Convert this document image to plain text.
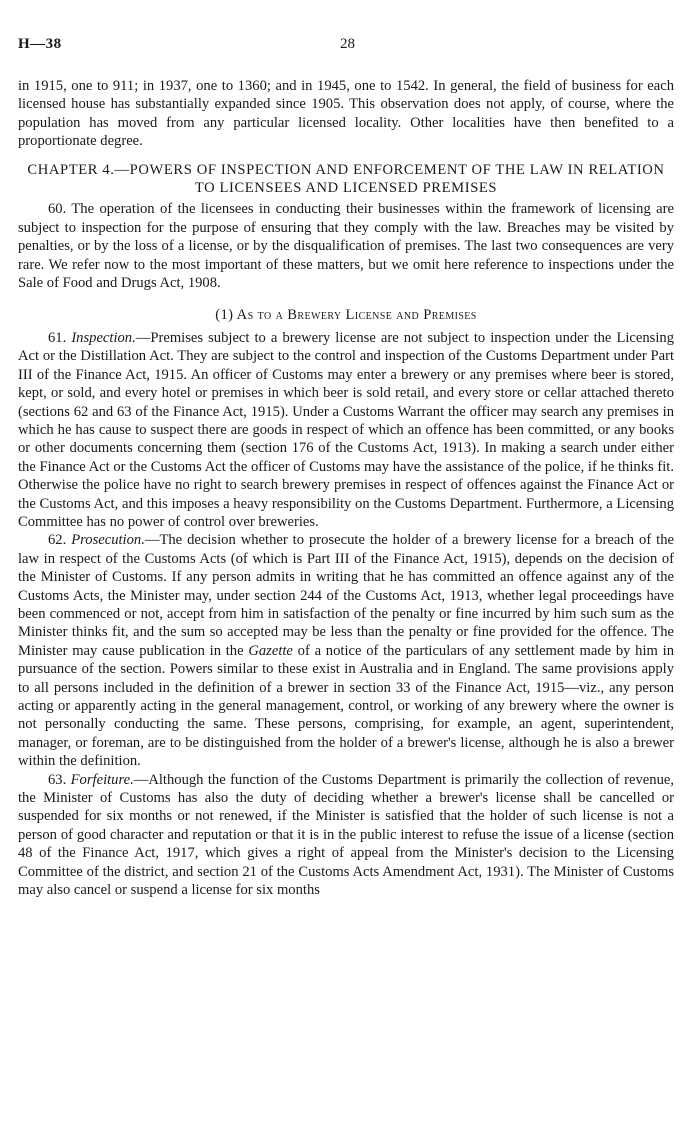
H—38	28

in 1915, one to 911; in 1937, one to 1360; and in 1945, one to 1542. In general, the field of business for each licensed house has substantially expanded since 1905. This observation does not apply, of course, where the population has moved from any particular licensed locality. Other localities have then benefited to a proportionate degree.

CHAPTER 4.—POWERS OF INSPECTION AND ENFORCEMENT OF THE LAW IN RELATION TO LICENSEES AND LICENSED PREMISES

60. The operation of the licensees in conducting their businesses within the framework of licensing are subject to inspection for the purpose of ensuring that they comply with the law. Breaches may be visited by penalties, or by the loss of a license, or by the disqualification of premises. The last two consequences are very rare. We refer now to the most important of these matters, but we omit here reference to inspections under the Sale of Food and Drugs Act, 1908.

(1) As to a Brewery License and Premises

61. Inspection.—Premises subject to a brewery license are not subject to inspection under the Licensing Act or the Distillation Act. They are subject to the control and inspection of the Customs Department under Part III of the Finance Act, 1915. An officer of Customs may enter a brewery or any premises where beer is stored, kept, or sold, and every hotel or premises in which beer is sold retail, and every store or cellar attached thereto (sections 62 and 63 of the Finance Act, 1915). Under a Customs Warrant the officer may search any premises in which he has cause to suspect there are goods in respect of which an offence has been committed, or any books or other documents concerning them (section 176 of the Customs Act, 1913). In making a search under either the Finance Act or the Customs Act the officer of Customs may have the assistance of the police, if he thinks fit. Otherwise the police have no right to search brewery premises in respect of offences against the Finance Act or the Customs Act, and this imposes a heavy responsibility on the Customs Department. Furthermore, a Licensing Committee has no power of control over breweries.

62. Prosecution.—The decision whether to prosecute the holder of a brewery license for a breach of the law in respect of the Customs Acts (of which is Part III of the Finance Act, 1915), depends on the decision of the Minister of Customs. If any person admits in writing that he has committed an offence against any of the Customs Acts, the Minister may, under section 244 of the Customs Act, 1913, whether legal proceedings have been commenced or not, accept from him in satisfaction of the penalty or fine incurred by him such sum as the Minister thinks fit, and the sum so accepted may be less than the penalty or fine provided for the offence. The Minister may cause publication in the Gazette of a notice of the particulars of any settlement made by him in pursuance of the section. Powers similar to these exist in Australia and in England. The same provisions apply to all persons included in the definition of a brewer in section 33 of the Finance Act, 1915—viz., any person acting or apparently acting in the general management, control, or working of any brewery where the owner is not personally conducting the same. These persons, comprising, for example, an agent, superintendent, manager, or foreman, are to be distinguished from the holder of a brewer's license, although he is also a brewer within the definition.

63. Forfeiture.—Although the function of the Customs Department is primarily the collection of revenue, the Minister of Customs has also the duty of deciding whether a brewer's license shall be cancelled or suspended for six months or not renewed, if the Minister is satisfied that the holder of such license is not a person of good character and reputation or that it is in the public interest to refuse the issue of a license (section 48 of the Finance Act, 1917, which gives a right of appeal from the Minister's decision to the Licensing Committee of the district, and section 21 of the Customs Acts Amendment Act, 1931). The Minister of Customs may also cancel or suspend a license for six months
